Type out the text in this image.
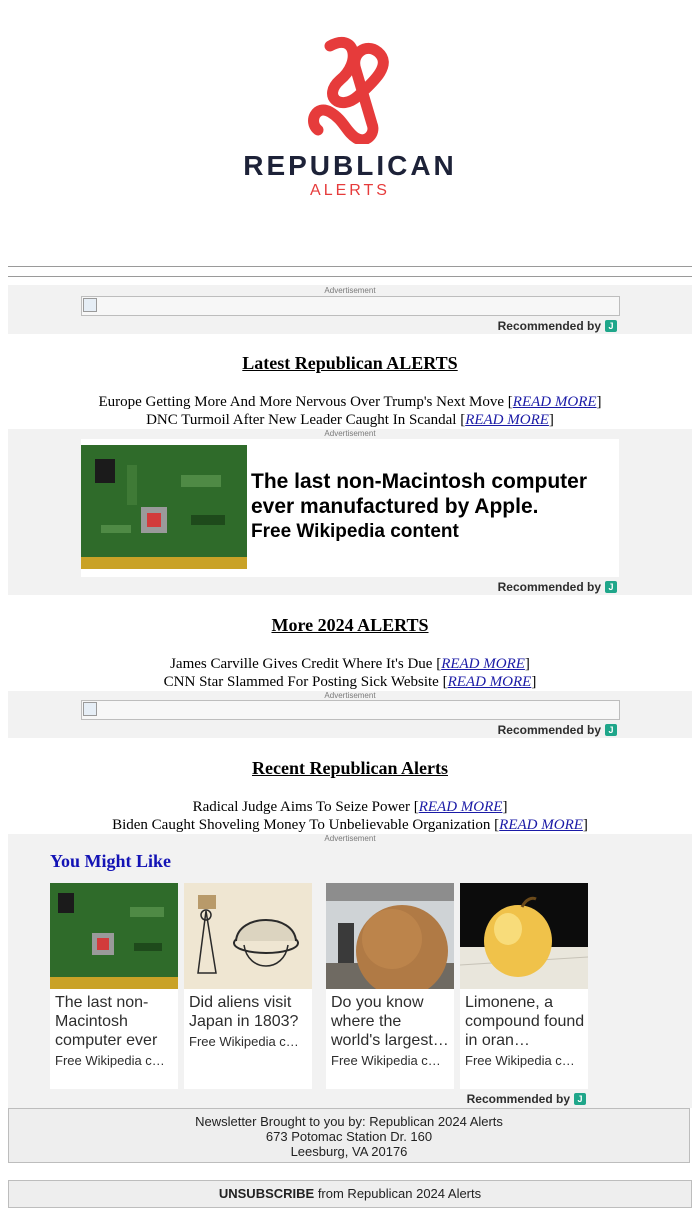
REPUBLICAN
ALERTS
Advertisement
Recommended by J
Latest Republican ALERTS
Europe Getting More And More Nervous Over Trump's Next Move [READ MORE]
DNC Turmoil After New Leader Caught In Scandal [READ MORE]
Advertisement
The last non-Macintosh computer ever manufactured by Apple.
Free Wikipedia content
Recommended by J
More 2024 ALERTS
James Carville Gives Credit Where It's Due [READ MORE]
CNN Star Slammed For Posting Sick Website [READ MORE]
Advertisement
Recommended by J
Recent Republican Alerts
Radical Judge Aims To Seize Power [READ MORE]
Biden Caught Shoveling Money To Unbelievable Organization [READ MORE]
Advertisement
You Might Like
The last non-Macintosh computer ever
Free Wikipedia c…
Did aliens visit Japan in 1803?
Free Wikipedia c…
Do you know where the world's largest…
Free Wikipedia c…
Limonene, a compound found in oran…
Free Wikipedia c…
Recommended by J
Newsletter Brought to you by: Republican 2024 Alerts
673 Potomac Station Dr. 160
Leesburg, VA 20176
UNSUBSCRIBE from Republican 2024 Alerts
